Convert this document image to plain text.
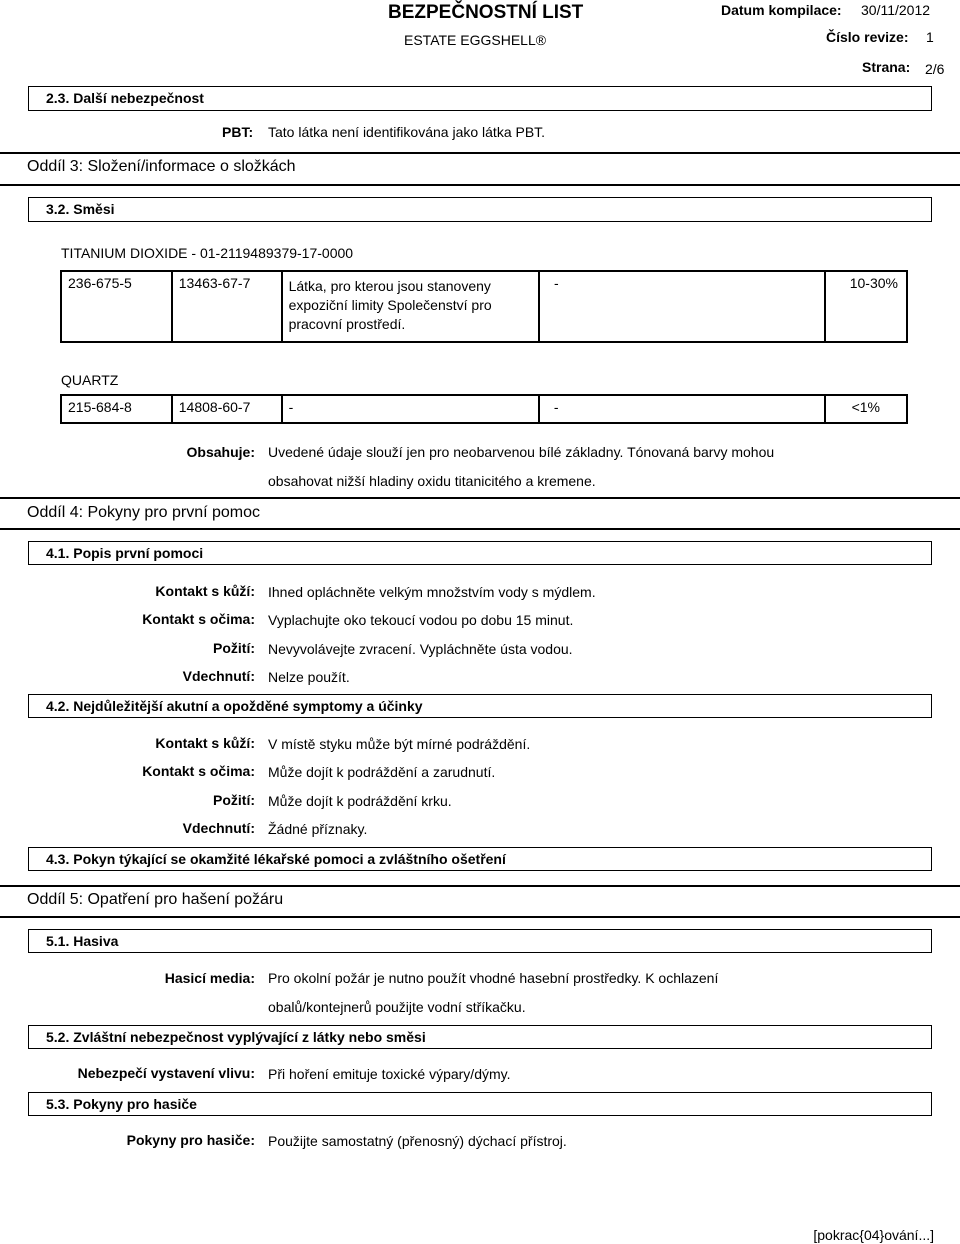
BEZPEČNOSTNÍ LIST
ESTATE EGGSHELL®
Datum kompilace: 30/11/2012
Číslo revize: 1
Strana: 2/6
2.3. Další nebezpečnost
PBT: Tato látka není identifikována jako látka PBT.
Oddíl 3: Složení/informace o složkách
3.2. Směsi
TITANIUM DIOXIDE - 01-2119489379-17-0000
236-675-5	13463-67-7	Látka, pro kterou jsou stanoveny expoziční limity Společenství pro pracovní prostředí.	-	10-30%
QUARTZ
215-684-8	14808-60-7	-	-	<1%
Obsahuje: Uvedené údaje slouží jen pro neobarvenou bílé základny. Tónovaná barvy mohou
obsahovat nižší hladiny oxidu titanicitého a kremene.
Oddíl 4: Pokyny pro první pomoc
4.1. Popis první pomoci
Kontakt s kůží: Ihned opláchněte velkým množstvím vody s mýdlem.
Kontakt s očima: Vyplachujte oko tekoucí vodou po dobu 15 minut.
Požití: Nevyvolávejte zvracení. Vypláchněte ústa vodou.
Vdechnutí: Nelze použít.
4.2. Nejdůležitější akutní a opožděné symptomy a účinky
Kontakt s kůží: V místě styku může být mírné podráždění.
Kontakt s očima: Může dojít k podráždění a zarudnutí.
Požití: Může dojít k podráždění krku.
Vdechnutí: Žádné příznaky.
4.3. Pokyn týkající se okamžité lékařské pomoci a zvláštního ošetření
Oddíl 5: Opatření pro hašení požáru
5.1. Hasiva
Hasicí media: Pro okolní požár je nutno použít vhodné hasební prostředky. K ochlazení
obalů/kontejnerů použijte vodní stříkačku.
5.2. Zvláštní nebezpečnost vyplývající z látky nebo směsi
Nebezpečí vystavení vlivu: Při hoření emituje toxické výpary/dýmy.
5.3. Pokyny pro hasiče
Pokyny pro hasiče: Použijte samostatný (přenosný) dýchací přístroj.
[pokrac{04}ování...]
